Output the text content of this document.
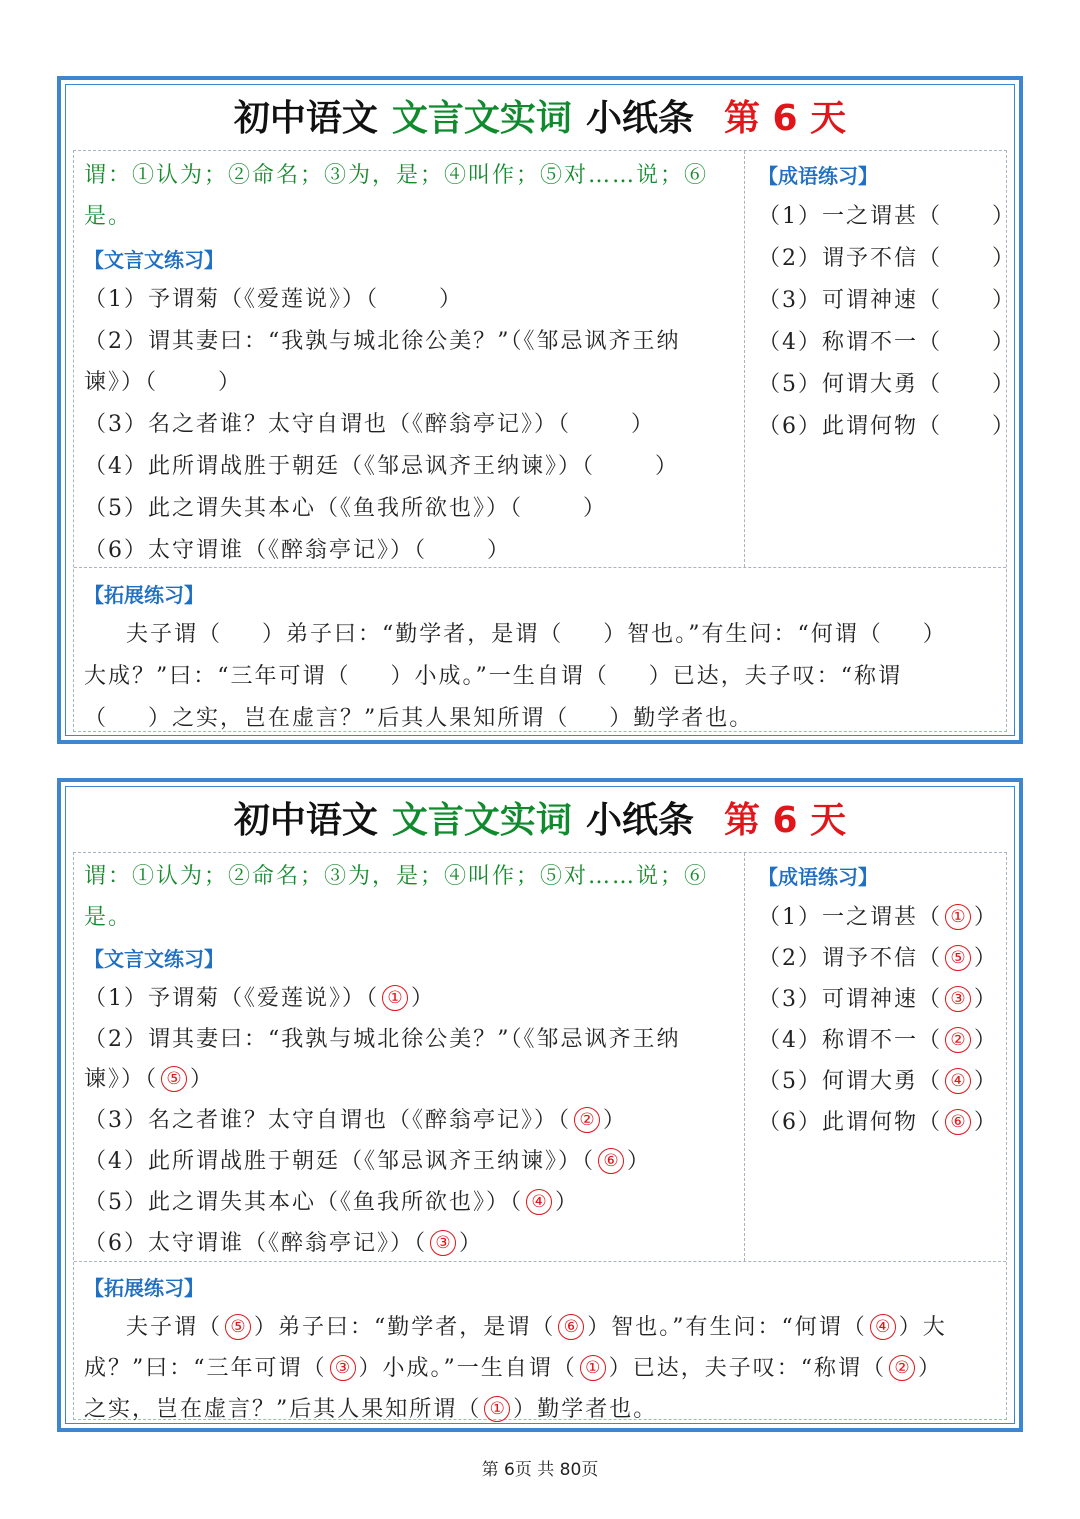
初中语文 文言文实词 小纸条 第 6 天
谓：①认为；②命名；③为，是；④叫作；⑤对……说；⑥
是。
【文言文练习】
（1）予谓菊（《爱莲说》）（	）
（2）谓其妻曰：“我孰与城北徐公美？”（《邹忌讽齐王纳
谏》）（	）
（3）名之者谁？太守自谓也（《醉翁亭记》）（	）
（4）此所谓战胜于朝廷（《邹忌讽齐王纳谏》）（	）
（5）此之谓失其本心（《鱼我所欲也》）（	）
（6）太守谓谁（《醉翁亭记》）（	）
【成语练习】
（1）一之谓甚（ ）
（2）谓予不信（ ）
（3）可谓神速（ ）
（4）称谓不一（ ）
（5）何谓大勇（ ）
（6）此谓何物（ ）
【拓展练习】
夫子谓（ ）弟子曰：“勤学者，是谓（ ）智也。”有生问：“何谓（ ）
大成？”曰：“三年可谓（ ）小成。”一生自谓（ ）已达，夫子叹：“称谓
（ ）之实，岂在虚言？”后其人果知所谓（ ）勤学者也。
初中语文 文言文实词 小纸条 第 6 天
谓：①认为；②命名；③为，是；④叫作；⑤对……说；⑥
是。
【文言文练习】
（1）予谓菊（《爱莲说》）（ ① ）
（2）谓其妻曰：“我孰与城北徐公美？”（《邹忌讽齐王纳
谏》）（ ⑤ ）
（3）名之者谁？太守自谓也（《醉翁亭记》）（ ② ）
（4）此所谓战胜于朝廷（《邹忌讽齐王纳谏》）（ ⑥ ）
（5）此之谓失其本心（《鱼我所欲也》）（ ④ ）
（6）太守谓谁（《醉翁亭记》）（ ③ ）
【成语练习】
（1）一之谓甚（ ① ）
（2）谓予不信（ ⑤ ）
（3）可谓神速（ ③ ）
（4）称谓不一（ ② ）
（5）何谓大勇（ ④ ）
（6）此谓何物（ ⑥ ）
【拓展练习】
夫子谓（ ⑤ ）弟子曰：“勤学者，是谓（ ⑥ ）智也。”有生问：“何谓（ ④ ）大
成？”曰：“三年可谓（ ③ ）小成。”一生自谓（ ① ）已达，夫子叹：“称谓（ ② ）
之实，岂在虚言？”后其人果知所谓（ ① ）勤学者也。
第 6页 共 80页
